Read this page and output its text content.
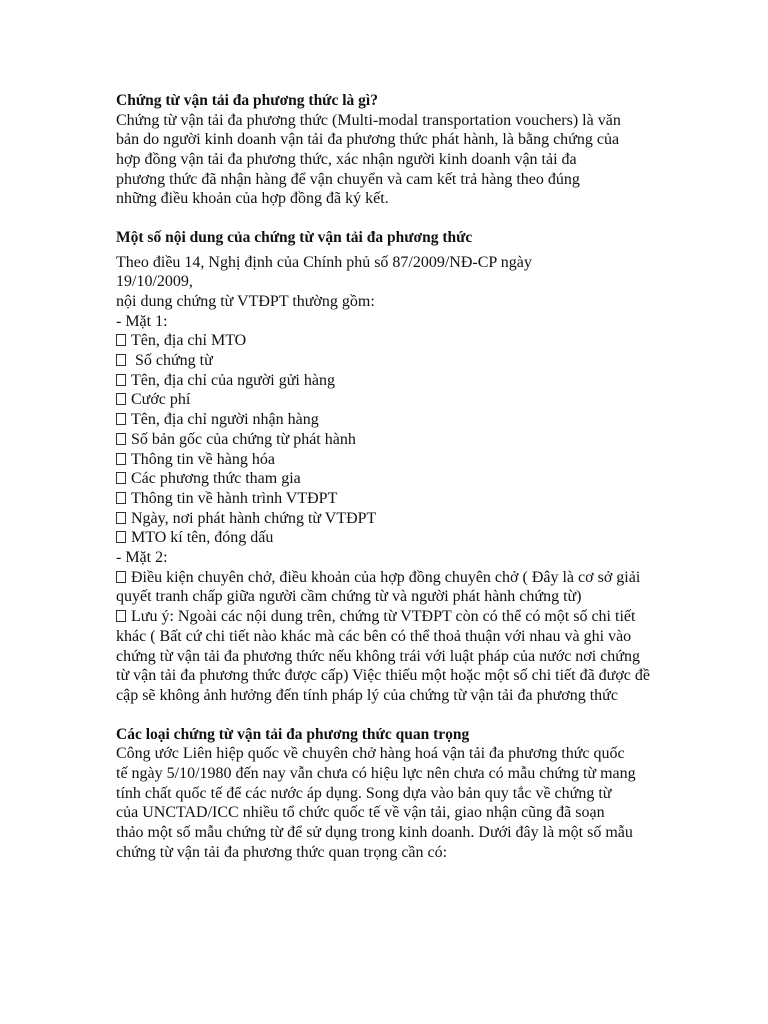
Chứng từ vận tải đa phương thức là gì?

Chứng từ vận tải đa phương thức (Multi-modal transportation vouchers) là văn bản do người kinh doanh vận tải đa phương thức phát hành, là bằng chứng của hợp đồng vận tải đa phương thức, xác nhận người kinh doanh vận tải đa phương thức đã nhận hàng để vận chuyển và cam kết trả hàng theo đúng những điều khoản của hợp đồng đã ký kết.

Một số nội dung của chứng từ vận tải đa phương thức

Theo điều 14, Nghị định của Chính phủ số 87/2009/NĐ-CP ngày
19/10/2009,
nội dung chứng từ VTĐPT thường gồm:
- Mặt 1:
Tên, địa chỉ MTO
Số chứng từ
Tên, địa chỉ của người gửi hàng
Cước phí
Tên, địa chỉ người nhận hàng
Số bản gốc của chứng từ phát hành
Thông tin về hàng hóa
Các phương thức tham gia
Thông tin về hành trình VTĐPT
Ngày, nơi phát hành chứng từ VTĐPT
MTO kí tên, đóng dấu
- Mặt 2:

Điều kiện chuyên chở, điều khoản của hợp đồng chuyên chở ( Đây là cơ sở giải quyết tranh chấp giữa người cầm chứng từ và người phát hành chứng từ)

Lưu ý: Ngoài các nội dung trên, chứng từ VTĐPT còn có thể có một số chi tiết khác ( Bất cứ chi tiết nào khác mà các bên có thể thoả thuận với nhau và ghi vào chứng từ vận tải đa phương thức nếu không trái với luật pháp của nước nơi chứng từ vận tải đa phương thức được cấp) Việc thiếu một hoặc một số chi tiết đã được đề cập sẽ không ảnh hưởng đến tính pháp lý của chứng từ vận tải đa phương thức

Các loại chứng từ vận tải đa phương thức quan trọng

Công ước Liên hiệp quốc về chuyên chở hàng hoá vận tải đa phương thức quốc tế ngày 5/10/1980 đến nay vẫn chưa có hiệu lực nên chưa có mẫu chứng từ mang tính chất quốc tế để các nước áp dụng. Song dựa vào bản quy tắc về chứng từ của UNCTAD/ICC nhiều tổ chức quốc tế về vận tải, giao nhận cũng đã soạn thảo một số mẫu chứng từ để sử dụng trong kinh doanh. Dưới đây là một số mẫu chứng từ vận tải đa phương thức quan trọng cần có:
